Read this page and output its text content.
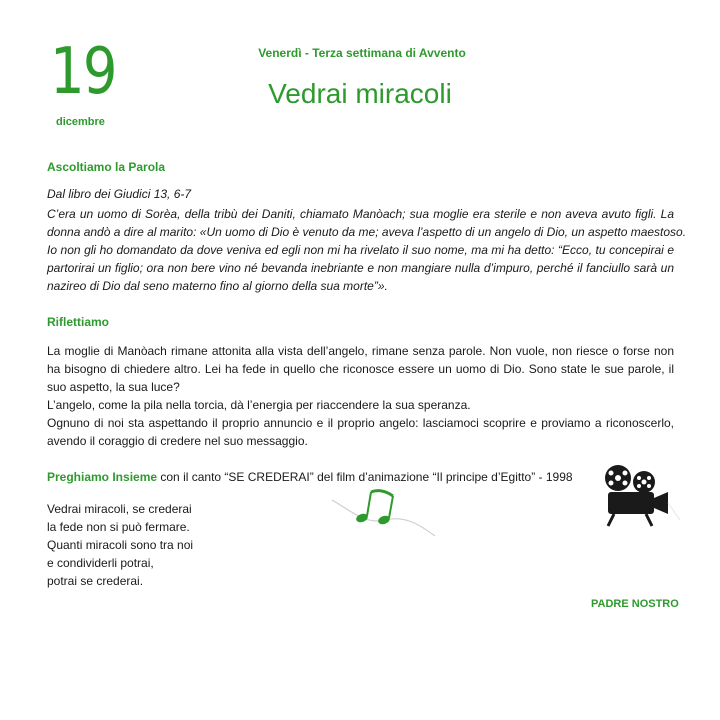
19
dicembre
Venerdì - Terza settimana di Avvento
Vedrai miracoli
Ascoltiamo la Parola
Dal libro dei Giudici 13, 6-7
C’era un uomo di Sorèa, della tribù dei Daniti, chiamato Manòach; sua moglie era sterile e non aveva avuto figli. La
donna andò a dire al marito: «Un uomo di Dio è venuto da me; aveva l’aspetto di un angelo di Dio, un aspetto maestoso.
Io non gli ho domandato da dove veniva ed egli non mi ha rivelato il suo nome, ma mi ha detto: “Ecco, tu concepirai e
partorirai un figlio; ora non bere vino né bevanda inebriante e non mangiare nulla d’impuro, perché il fanciullo sarà un
nazireo di Dio dal seno materno fino al giorno della sua morte”».
Riflettiamo
La moglie di Manòach rimane attonita alla vista dell’angelo, rimane senza parole. Non vuole, non riesce o forse non
ha bisogno di chiedere altro. Lei ha fede in quello che riconosce essere un uomo di Dio. Sono state le sue parole, il
suo aspetto, la sua luce?
L’angelo, come la pila nella torcia, dà l’energia per riaccendere la sua speranza.
Ognuno di noi sta aspettando il proprio annuncio e il proprio angelo: lasciamoci scoprire e proviamo a riconoscerlo,
avendo il coraggio di credere nel suo messaggio.
Preghiamo Insieme con il canto “SE CREDERAI” del film d’animazione “Il principe d’Egitto” - 1998
Vedrai miracoli, se crederai
la fede non si può fermare.
Quanti miracoli sono tra noi
e condividerli potrai,
potrai se crederai.
PADRE NOSTRO
